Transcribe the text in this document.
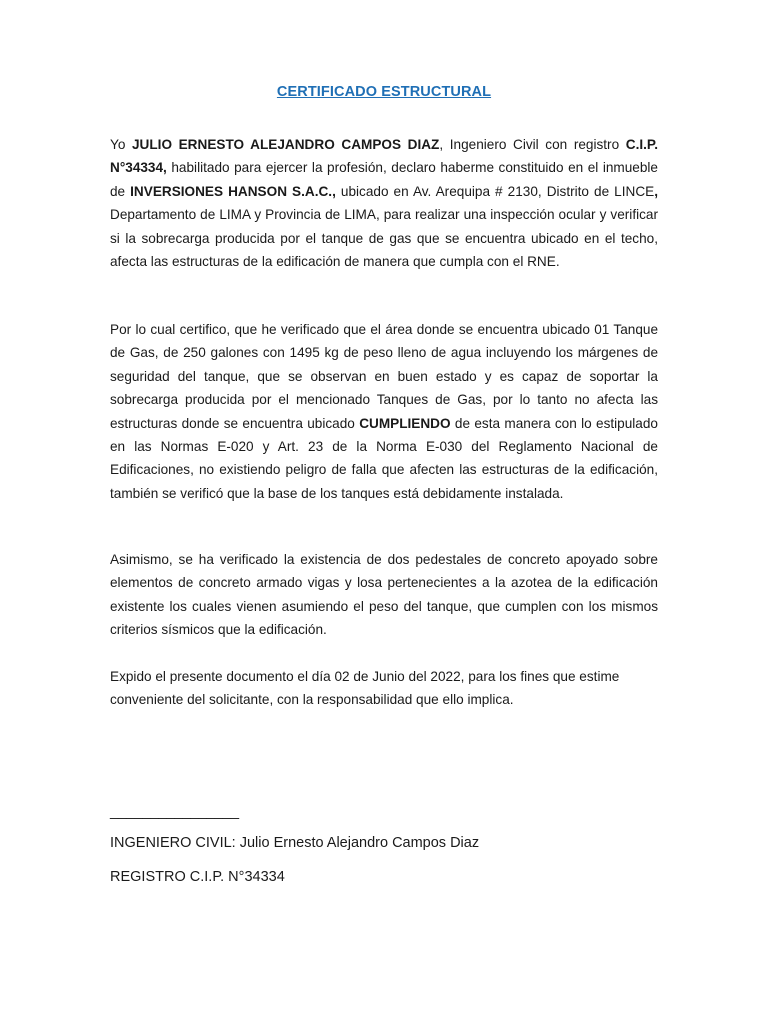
CERTIFICADO ESTRUCTURAL

Yo JULIO ERNESTO ALEJANDRO CAMPOS DIAZ, Ingeniero Civil con registro C.I.P. N°34334, habilitado para ejercer la profesión, declaro haberme constituido en el inmueble de INVERSIONES HANSON S.A.C., ubicado en Av. Arequipa # 2130, Distrito de LINCE, Departamento de LIMA y Provincia de LIMA, para realizar una inspección ocular y verificar si la sobrecarga producida por el tanque de gas que se encuentra ubicado en el techo, afecta las estructuras de la edificación de manera que cumpla con el RNE.

Por lo cual certifico, que he verificado que el área donde se encuentra ubicado 01 Tanque de Gas, de 250 galones con 1495 kg de peso lleno de agua incluyendo los márgenes de seguridad del tanque, que se observan en buen estado y es capaz de soportar la sobrecarga producida por el mencionado Tanques de Gas, por lo tanto no afecta las estructuras donde se encuentra ubicado CUMPLIENDO de esta manera con lo estipulado en las Normas E-020 y Art. 23 de la Norma E-030 del Reglamento Nacional de Edificaciones, no existiendo peligro de falla que afecten las estructuras de la edificación, también se verificó que la base de los tanques está debidamente instalada.

Asimismo, se ha verificado la existencia de dos pedestales de concreto apoyado sobre elementos de concreto armado vigas y losa pertenecientes a la azotea de la edificación existente los cuales vienen asumiendo el peso del tanque, que cumplen con los mismos criterios sísmicos que la edificación.

Expido el presente documento el día 02 de Junio del 2022, para los fines que estime
conveniente del solicitante, con la responsabilidad que ello implica.

________________

INGENIERO CIVIL: Julio Ernesto Alejandro Campos Diaz

REGISTRO C.I.P. N°34334
